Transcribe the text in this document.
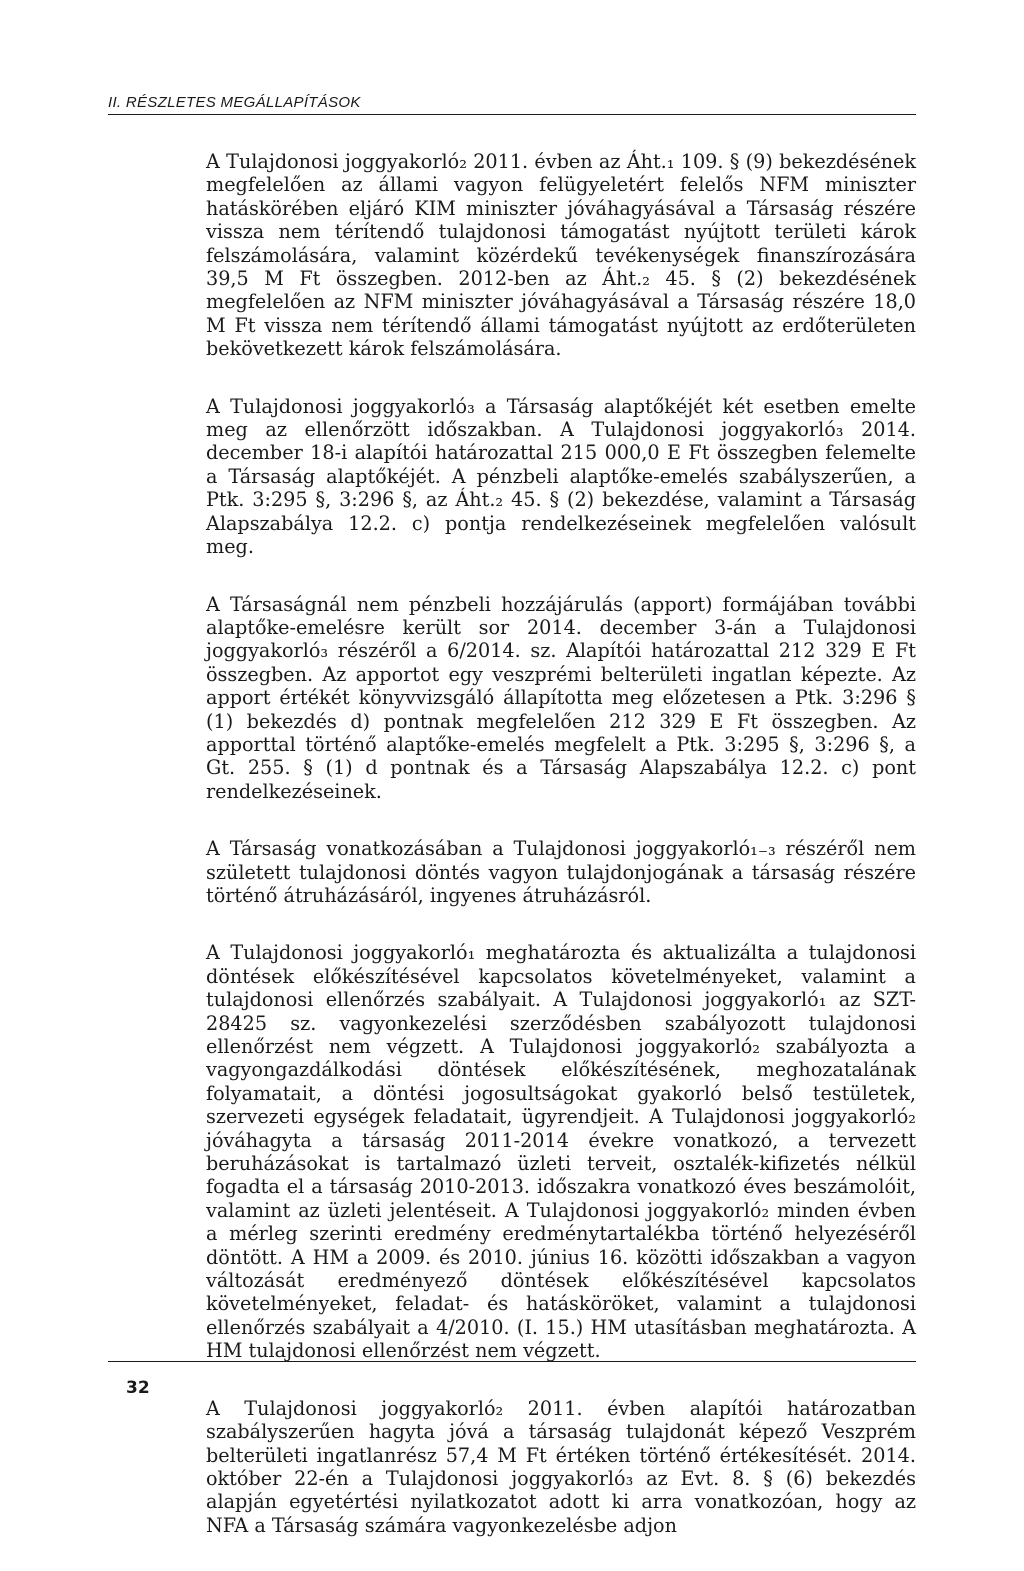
II. RÉSZLETES MEGÁLLAPÍTÁSOK

A Tulajdonosi joggyakorló₂ 2011. évben az Áht.₁ 109. § (9) bekezdésének megfelelően az állami vagyon felügyeletért felelős NFM miniszter hatáskörében eljáró KIM miniszter jóváhagyásával a Társaság részére vissza nem térítendő tulajdonosi támogatást nyújtott területi károk felszámolására, valamint közérdekű tevékenységek finanszírozására 39,5 M Ft összegben. 2012-ben az Áht.₂ 45. § (2) bekezdésének megfelelően az NFM miniszter jóváhagyásával a Társaság részére 18,0 M Ft vissza nem térítendő állami támogatást nyújtott az erdőterületen bekövetkezett károk felszámolására.

A Tulajdonosi joggyakorló₃ a Társaság alaptőkéjét két esetben emelte meg az ellenőrzött időszakban. A Tulajdonosi joggyakorló₃ 2014. december 18-i alapítói határozattal 215 000,0 E Ft összegben felemelte a Társaság alaptőkéjét. A pénzbeli alaptőke-emelés szabályszerűen, a Ptk. 3:295 §, 3:296 §, az Áht.₂ 45. § (2) bekezdése, valamint a Társaság Alapszabálya 12.2. c) pontja rendelkezéseinek megfelelően valósult meg.

A Társaságnál nem pénzbeli hozzájárulás (apport) formájában további alaptőke-emelésre került sor 2014. december 3-án a Tulajdonosi joggyakorló₃ részéről a 6/2014. sz. Alapítói határozattal 212 329 E Ft összegben. Az apportot egy veszprémi belterületi ingatlan képezte. Az apport értékét könyvvizsgáló állapította meg előzetesen a Ptk. 3:296 § (1) bekezdés d) pontnak megfelelően 212 329 E Ft összegben. Az apporttal történő alaptőke-emelés megfelelt a Ptk. 3:295 §, 3:296 §, a Gt. 255. § (1) d pontnak és a Társaság Alapszabálya 12.2. c) pont rendelkezéseinek.

A Társaság vonatkozásában a Tulajdonosi joggyakorló₁₋₃ részéről nem született tulajdonosi döntés vagyon tulajdonjogának a társaság részére történő átruházásáról, ingyenes átruházásról.

A Tulajdonosi joggyakorló₁ meghatározta és aktualizálta a tulajdonosi döntések előkészítésével kapcsolatos követelményeket, valamint a tulajdonosi ellenőrzés szabályait. A Tulajdonosi joggyakorló₁ az SZT-28425 sz. vagyonkezelési szerződésben szabályozott tulajdonosi ellenőrzést nem végzett. A Tulajdonosi joggyakorló₂ szabályozta a vagyongazdálkodási döntések előkészítésének, meghozatalának folyamatait, a döntési jogosultságokat gyakorló belső testületek, szervezeti egységek feladatait, ügyrendjeit. A Tulajdonosi joggyakorló₂ jóváhagyta a társaság 2011-2014 évekre vonatkozó, a tervezett beruházásokat is tartalmazó üzleti terveit, osztalék-kifizetés nélkül fogadta el a társaság 2010-2013. időszakra vonatkozó éves beszámolóit, valamint az üzleti jelentéseit. A Tulajdonosi joggyakorló₂ minden évben a mérleg szerinti eredmény eredménytartalékba történő helyezéséről döntött. A HM a 2009. és 2010. június 16. közötti időszakban a vagyon változását eredményező döntések előkészítésével kapcsolatos követelményeket, feladat- és hatásköröket, valamint a tulajdonosi ellenőrzés szabályait a 4/2010. (I. 15.) HM utasításban meghatározta. A HM tulajdonosi ellenőrzést nem végzett.

A Tulajdonosi joggyakorló₂ 2011. évben alapítói határozatban szabályszerűen hagyta jóvá a társaság tulajdonát képező Veszprém belterületi ingatlanrész 57,4 M Ft értéken történő értékesítését. 2014. október 22-én a Tulajdonosi joggyakorló₃ az Evt. 8. § (6) bekezdés alapján egyetértési nyilatkozatot adott ki arra vonatkozóan, hogy az NFA a Társaság számára vagyonkezelésbe adjon

32
